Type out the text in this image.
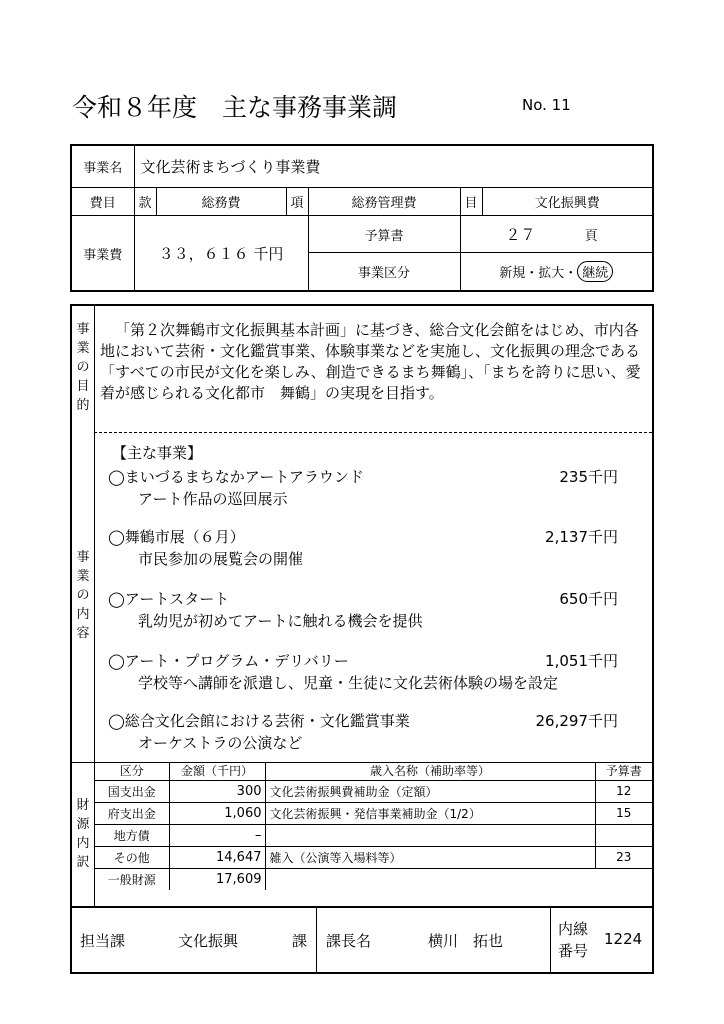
令和８年度　主な事務事業調	No. 11
事業名	文化芸術まちづくり事業費					
費目	款	総務費	項	総務管理費	目	文化振興費
事業費	３３，６１６ 千円			予算書	２７ 頁	
				事業区分	新規・拡大・ 継続	
事
業
の
目
的
「第２次舞鶴市文化振興基本計画」に基づき、総合文化会館をはじめ、市内各地において芸術・文化鑑賞事業、体験事業などを実施し、文化振興の理念である「すべての市民が文化を楽しみ、創造できるまち舞鶴」、「まちを誇りに思い、愛着が感じられる文化都市　舞鶴」の実現を目指す。
事
業
の
内
容
【主な事業】
◯まいづるまちなかアートアラウンド	235千円
アート作品の巡回展示
◯舞鶴市展（６月）	2,137千円
市民参加の展覧会の開催
◯アートスタート	650千円
乳幼児が初めてアートに触れる機会を提供
◯アート・プログラム・デリバリー	1,051千円
学校等へ講師を派遣し、児童・生徒に文化芸術体験の場を設定
◯総合文化会館における芸術・文化鑑賞事業	26,297千円
オーケストラの公演など
財
源
内
訳
区分	金額（千円）	歳入名称（補助率等）	予算書
国支出金	300	文化芸術振興費補助金（定額）	12
府支出金	1,060	文化芸術振興・発信事業補助金（1/2）	15
地方債	–		
その他	14,647	雑入（公演等入場料等）	23
一般財源	17,609		
担当課	文化振興	課 課長名	横川　拓也
内線
番号
1224
